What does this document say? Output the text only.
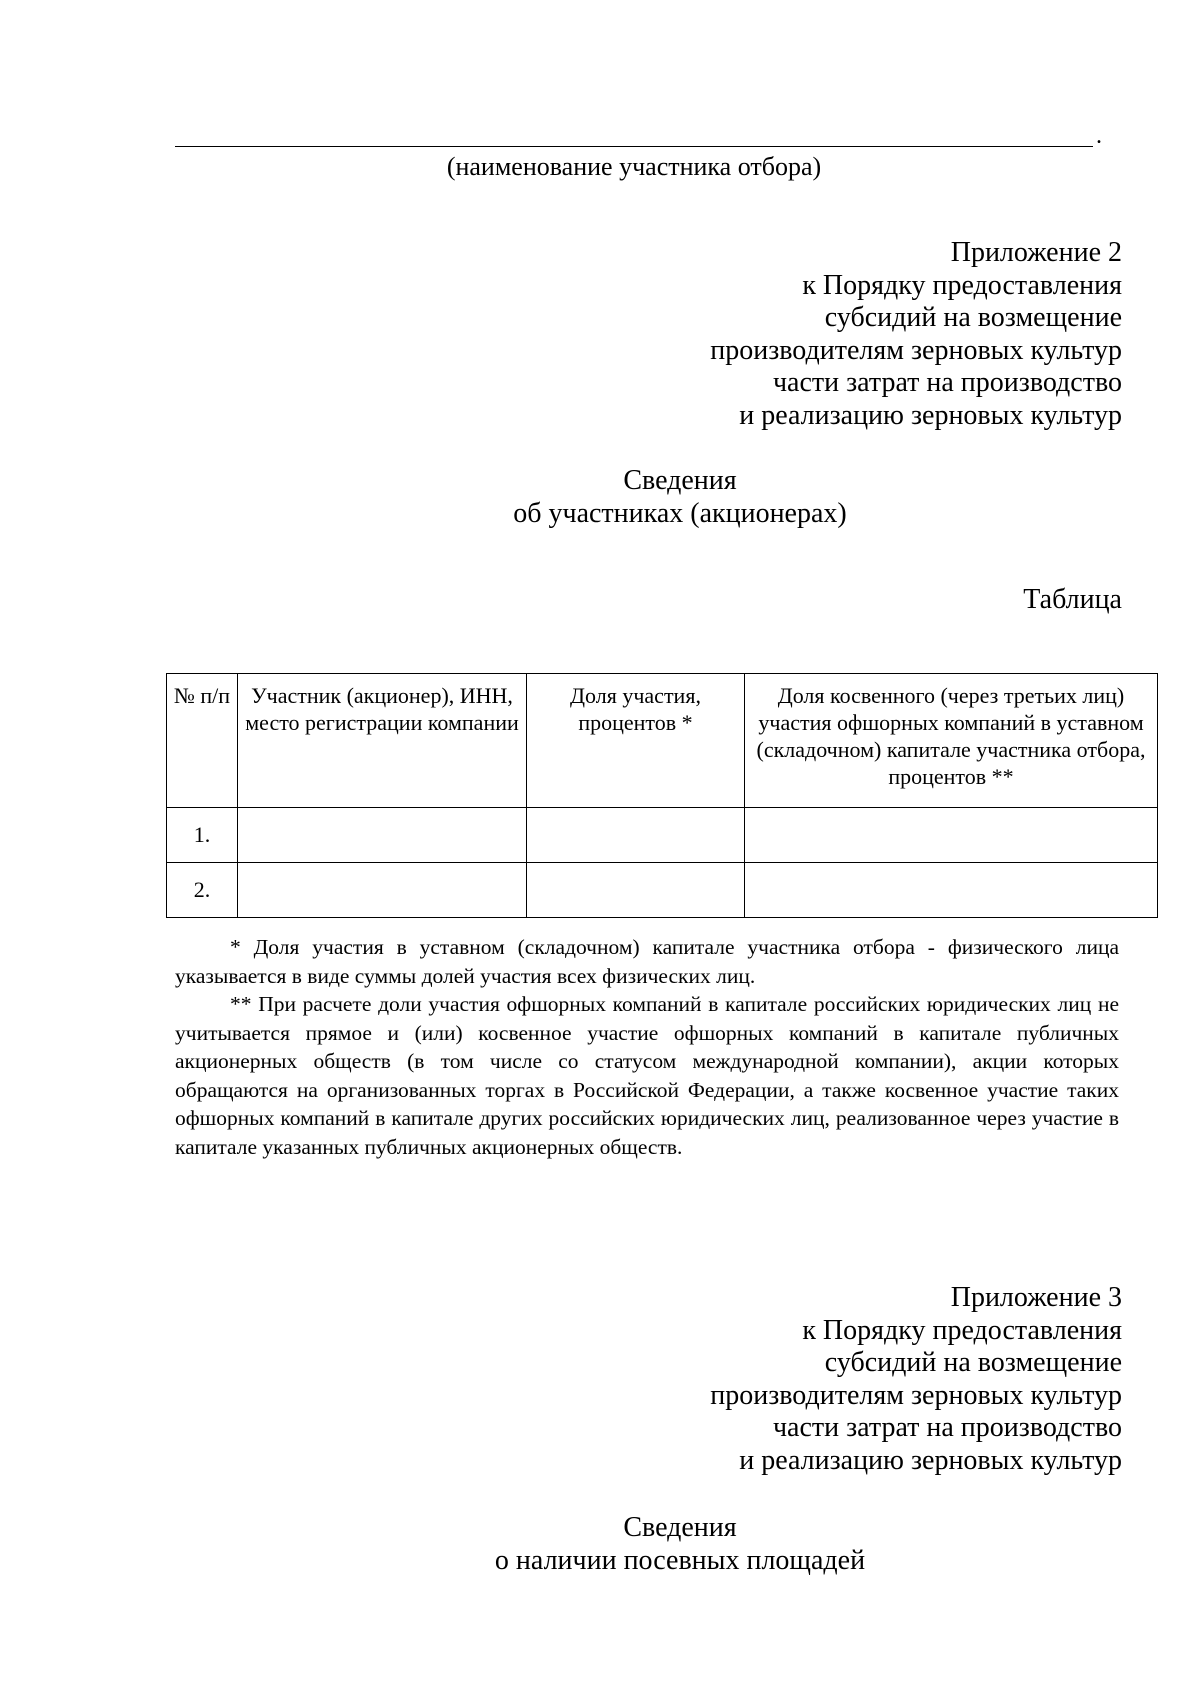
.
(наименование участника отбора)
Приложение 2
к Порядку предоставления
субсидий на возмещение
производителям зерновых культур
части затрат на производство
и реализацию зерновых культур
Сведения
об участниках (акционерах)
Таблица
№ п/п	Участник (акционер), ИНН, место регистрации компании	Доля участия, процентов *	Доля косвенного (через третьих лиц) участия офшорных компаний в уставном (складочном) капитале участника отбора, процентов **
1.			
2.			

* Доля участия в уставном (складочном) капитале участника отбора - физического лица указывается в виде суммы долей участия всех физических лиц.

** При расчете доли участия офшорных компаний в капитале российских юридических лиц не учитывается прямое и (или) косвенное участие офшорных компаний в капитале публичных акционерных обществ (в том числе со статусом международной компании), акции которых обращаются на организованных торгах в Российской Федерации, а также косвенное участие таких офшорных компаний в капитале других российских юридических лиц, реализованное через участие в капитале указанных публичных акционерных обществ.

Приложение 3
к Порядку предоставления
субсидий на возмещение
производителям зерновых культур
части затрат на производство
и реализацию зерновых культур
Сведения
о наличии посевных площадей
